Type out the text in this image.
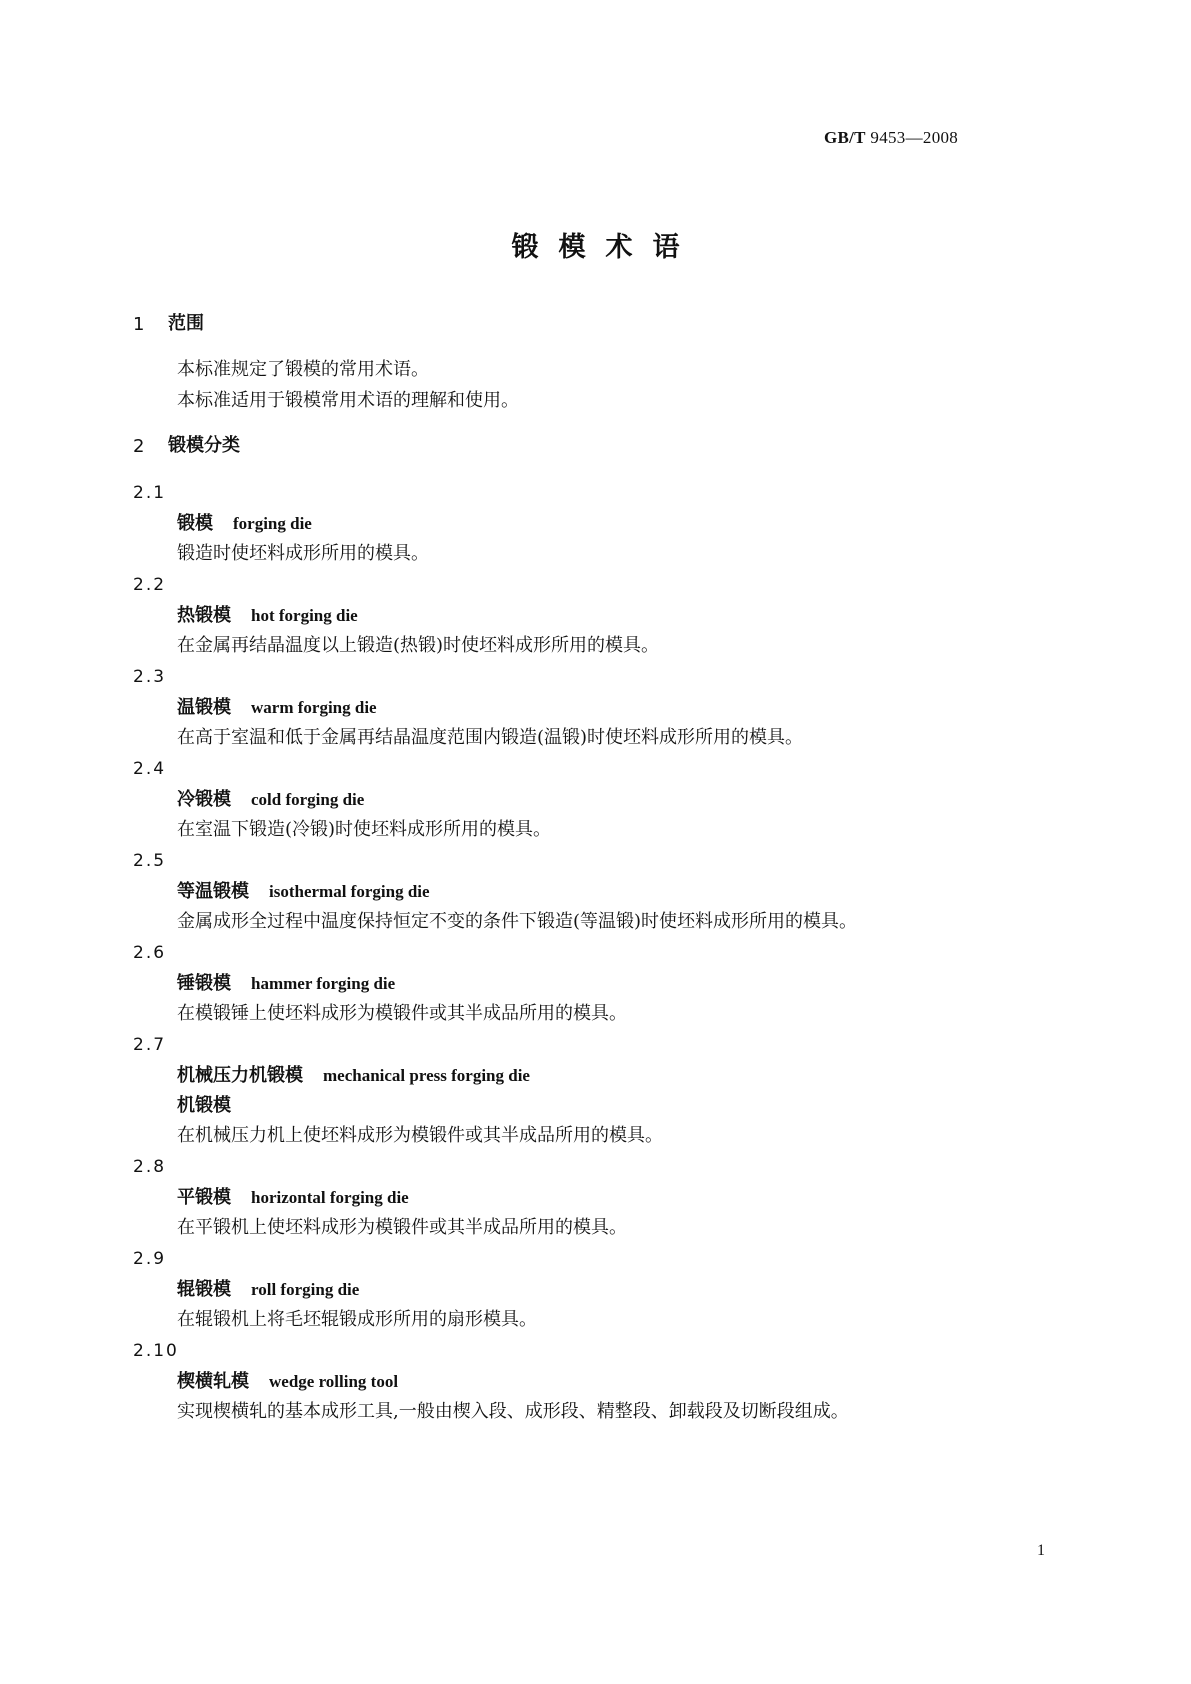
GB/T 9453—2008
锻模术语
1 范围
本标准规定了锻模的常用术语。
本标准适用于锻模常用术语的理解和使用。
2 锻模分类
2.1
锻模 forging die
锻造时使坯料成形所用的模具。
2.2
热锻模 hot forging die
在金属再结晶温度以上锻造(热锻)时使坯料成形所用的模具。
2.3
温锻模 warm forging die
在高于室温和低于金属再结晶温度范围内锻造(温锻)时使坯料成形所用的模具。
2.4
冷锻模 cold forging die
在室温下锻造(冷锻)时使坯料成形所用的模具。
2.5
等温锻模 isothermal forging die
金属成形全过程中温度保持恒定不变的条件下锻造(等温锻)时使坯料成形所用的模具。
2.6
锤锻模 hammer forging die
在模锻锤上使坯料成形为模锻件或其半成品所用的模具。
2.7
机械压力机锻模 mechanical press forging die
机锻模
在机械压力机上使坯料成形为模锻件或其半成品所用的模具。
2.8
平锻模 horizontal forging die
在平锻机上使坯料成形为模锻件或其半成品所用的模具。
2.9
辊锻模 roll forging die
在辊锻机上将毛坯辊锻成形所用的扇形模具。
2.10
楔横轧模 wedge rolling tool
实现楔横轧的基本成形工具,一般由楔入段、成形段、精整段、卸载段及切断段组成。
1
